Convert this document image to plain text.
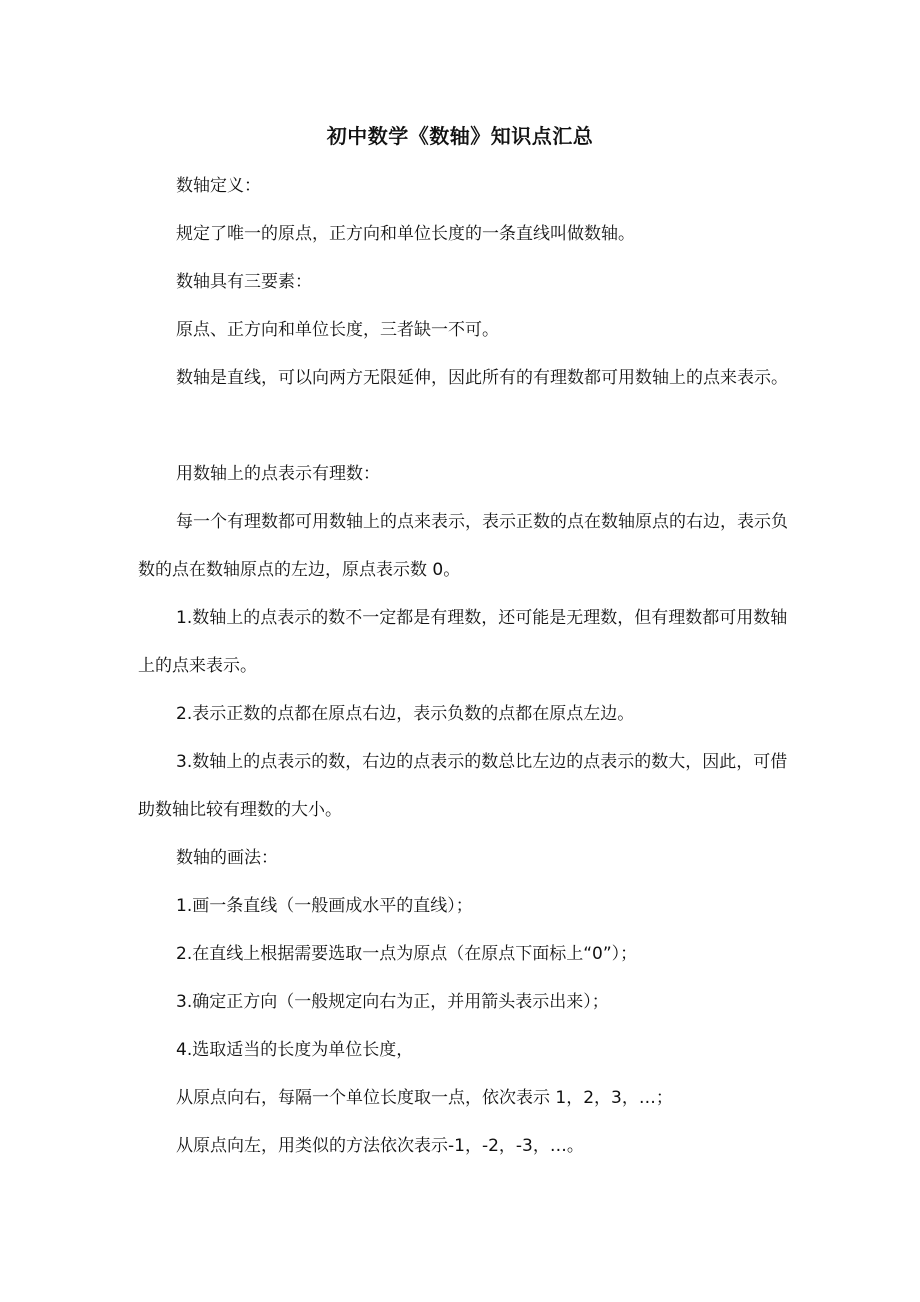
初中数学《数轴》知识点汇总

数轴定义：

规定了唯一的原点，正方向和单位长度的一条直线叫做数轴。

数轴具有三要素：

原点、正方向和单位长度，三者缺一不可。

数轴是直线，可以向两方无限延伸，因此所有的有理数都可用数轴上的点来表示。

用数轴上的点表示有理数：

每一个有理数都可用数轴上的点来表示，表示正数的点在数轴原点的右边，表示负数的点在数轴原点的左边，原点表示数 0。

1.数轴上的点表示的数不一定都是有理数，还可能是无理数，但有理数都可用数轴上的点来表示。

2.表示正数的点都在原点右边，表示负数的点都在原点左边。

3.数轴上的点表示的数，右边的点表示的数总比左边的点表示的数大，因此，可借助数轴比较有理数的大小。

数轴的画法：

1.画一条直线（一般画成水平的直线）；

2.在直线上根据需要选取一点为原点（在原点下面标上“0”）；

3.确定正方向（一般规定向右为正，并用箭头表示出来）；

4.选取适当的长度为单位长度，

从原点向右，每隔一个单位长度取一点，依次表示 1，2，3，…；

从原点向左，用类似的方法依次表示-1，-2，-3，…。
